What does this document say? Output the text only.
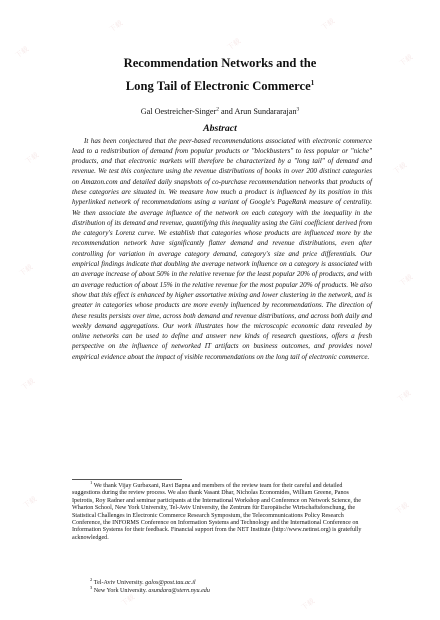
下载
下载
下载
下载
下载
下载
下载
下载
下载
下载
下载
下载	下载
下载	下载
Recommendation Networks and the
Long Tail of Electronic Commerce$^1$
Gal Oestreicher-Singer$^2$ and Arun Sundararajan$^3$
Abstract

It has been conjectured that the peer-based recommendations associated with electronic commerce lead to a redistribution of demand from popular products or "blockbusters" to less popular or "niche" products, and that electronic markets will therefore be characterized by a "long tail" of demand and revenue. We test this conjecture using the revenue distributions of books in over 200 distinct categories on Amazon.com and detailed daily snapshots of co-purchase recommendation networks that products of these categories are situated in. We measure how much a product is influenced by its position in this hyperlinked network of recommendations using a variant of Google's PageRank measure of centrality. We then associate the average influence of the network on each category with the inequality in the distribution of its demand and revenue, quantifying this inequality using the Gini coefficient derived from the category's Lorenz curve. We establish that categories whose products are influenced more by the recommendation network have significantly flatter demand and revenue distributions, even after controlling for variation in average category demand, category's size and price differentials. Our empirical findings indicate that doubling the average network influence on a category is associated with an average increase of about 50% in the relative revenue for the least popular 20% of products, and with an average reduction of about 15% in the relative revenue for the most popular 20% of products. We also show that this effect is enhanced by higher assortative mixing and lower clustering in the network, and is greater in categories whose products are more evenly influenced by recommendations. The direction of these results persists over time, across both demand and revenue distributions, and across both daily and weekly demand aggregations. Our work illustrates how the microscopic economic data revealed by online networks can be used to define and answer new kinds of research questions, offers a fresh perspective on the influence of networked IT artifacts on business outcomes, and provides novel empirical evidence about the impact of visible recommendations on the long tail of electronic commerce.

$^1$ We thank Vijay Gurbaxani, Ravi Bapna and members of the review team for their careful and detailed suggestions during the review process. We also thank Vasant Dhar, Nicholas Economides, William Greene, Panos Ipeirotis, Roy Radner and seminar participants at the International Workshop and Conference on Network Science, the Wharton School, New York University, Tel-Aviv University, the Zentrum für Europäische Wirtschaftsforschung, the Statistical Challenges in Electronic Commerce Research Symposium, the Telecommunications Policy Research Conference, the INFORMS Conference on Information Systems and Technology and the International Conference on Information Systems for their feedback. Financial support from the NET Institute (http://www.netinst.org) is gratefully acknowledged.

$^2$ Tel-Aviv University. galos@post.tau.ac.il

$^3$ New York University. asundara@stern.nyu.edu
